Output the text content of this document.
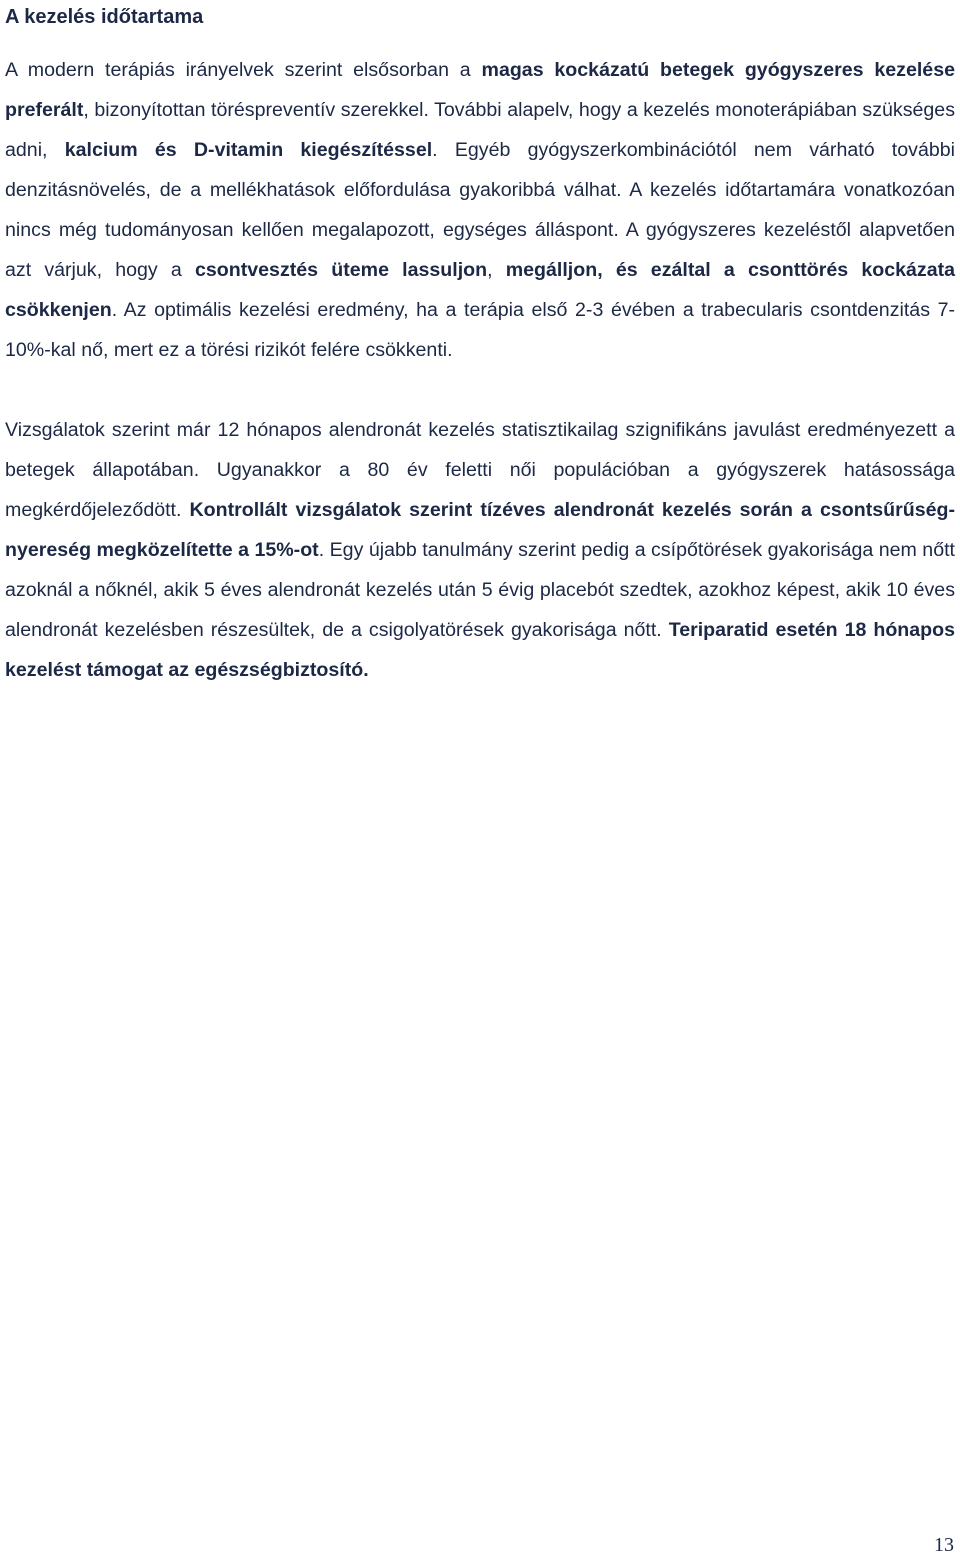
A kezelés időtartama

A modern terápiás irányelvek szerint elsősorban a magas kockázatú betegek gyógyszeres kezelése preferált, bizonyítottan töréspreventív szerekkel. További alapelv, hogy a kezelés monoterápiában szükséges adni, kalcium és D-vitamin kiegészítéssel. Egyéb gyógyszerkombinációtól nem várható további denzitásnövelés, de a mellékhatások előfordulása gyakoribbá válhat. A kezelés időtartamára vonatkozóan nincs még tudományosan kellően megalapozott, egységes álláspont. A gyógyszeres kezeléstől alapvetően azt várjuk, hogy a csontvesztés üteme lassuljon, megálljon, és ezáltal a csonttörés kockázata csökkenjen. Az optimális kezelési eredmény, ha a terápia első 2-3 évében a trabecularis csontdenzitás 7-10%-kal nő, mert ez a törési rizikót felére csökkenti.

Vizsgálatok szerint már 12 hónapos alendronát kezelés statisztikailag szignifikáns javulást eredményezett a betegek állapotában. Ugyanakkor a 80 év feletti női populációban a gyógyszerek hatásossága megkérdőjeleződött. Kontrollált vizsgálatok szerint tízéves alendronát kezelés során a csontsűrűség-nyereség megközelítette a 15%-ot. Egy újabb tanulmány szerint pedig a csípőtörések gyakorisága nem nőtt azoknál a nőknél, akik 5 éves alendronát kezelés után 5 évig placebót szedtek, azokhoz képest, akik 10 éves alendronát kezelésben részesültek, de a csigolyatörések gyakorisága nőtt. Teriparatid esetén 18 hónapos kezelést támogat az egészségbiztosító.

13
